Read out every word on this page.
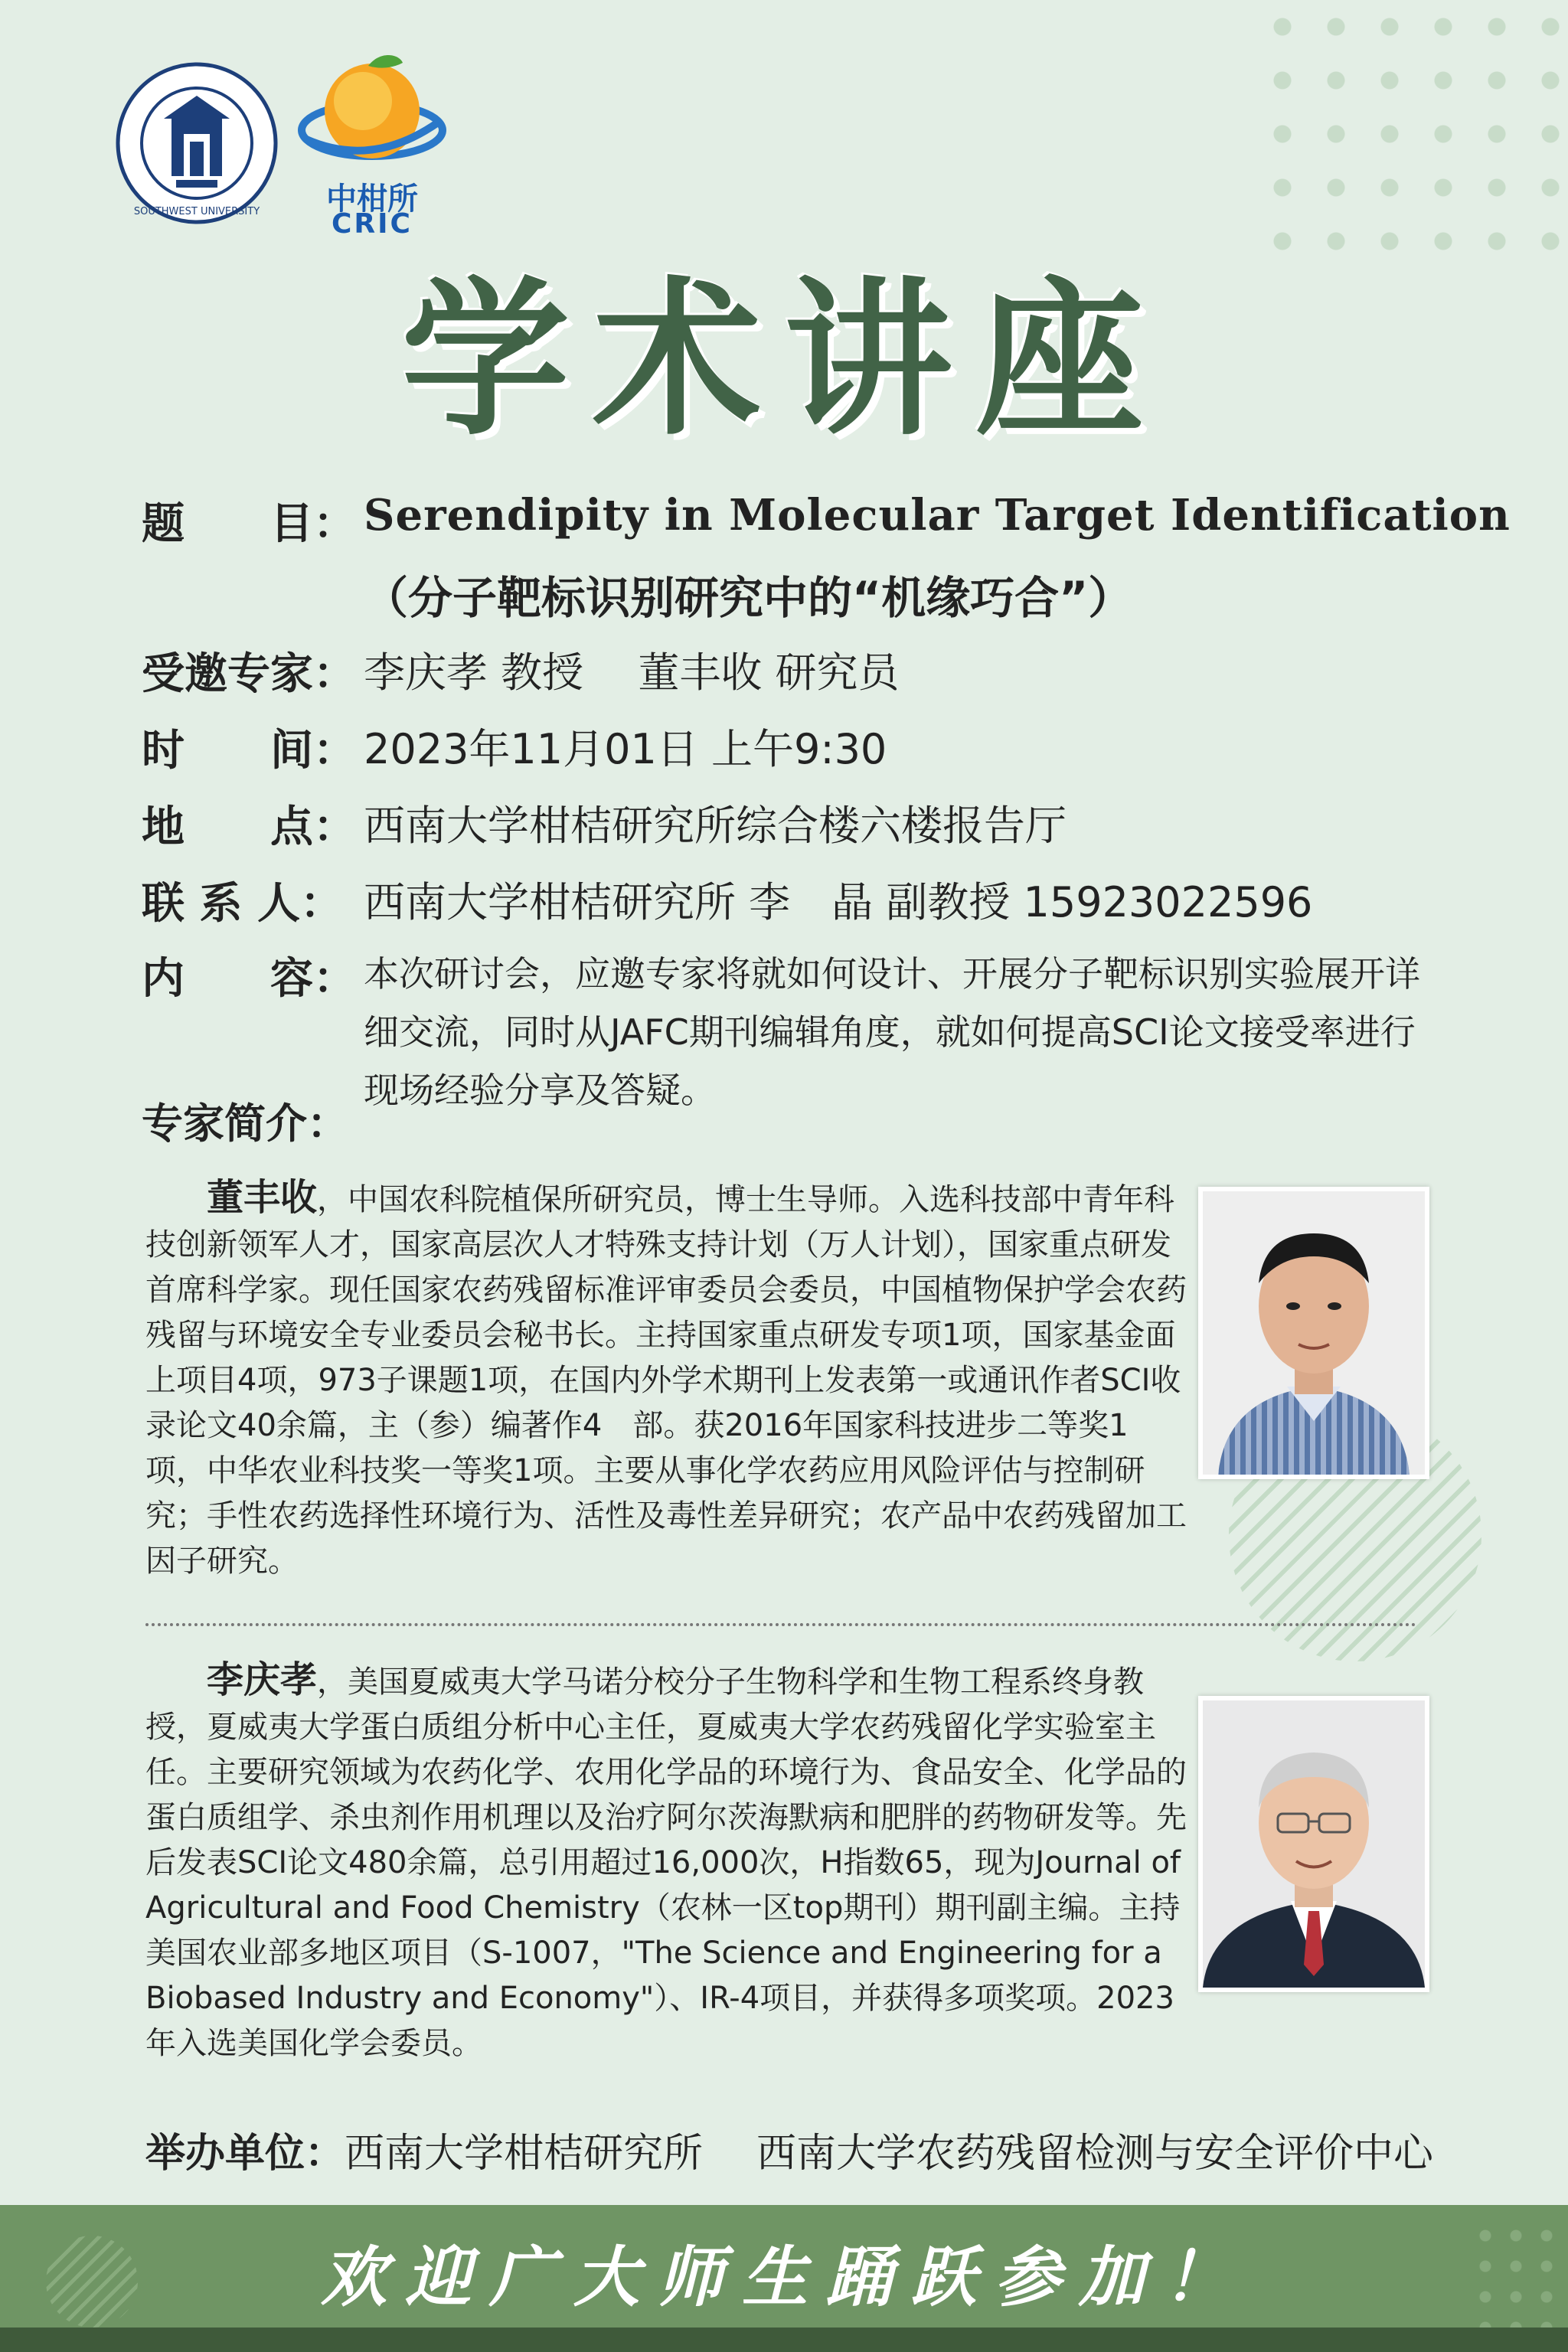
SOUTHWEST UNIVERSITY	中柑所
CRIC
学术讲座
题　　目： Serendipity in Molecular Target Identification
（分子靶标识别研究中的“机缘巧合”）
受邀专家： 李庆孝 教授　 董丰收 研究员
时　　间： 2023年11月01日 上午9:30
地　　点： 西南大学柑桔研究所综合楼六楼报告厅
联 系 人： 西南大学柑桔研究所 李　晶 副教授 15923022596
内　　容： 本次研讨会，应邀专家将就如何设计、开展分子靶标识别实验展开详细交流，同时从JAFC期刊编辑角度，就如何提高SCI论文接受率进行现场经验分享及答疑。
专家简介：
董丰收，中国农科院植保所研究员，博士生导师。入选科技部中青年科技创新领军人才，国家高层次人才特殊支持计划（万人计划），国家重点研发首席科学家。现任国家农药残留标准评审委员会委员，中国植物保护学会农药残留与环境安全专业委员会秘书长。主持国家重点研发专项1项，国家基金面上项目4项，973子课题1项，在国内外学术期刊上发表第一或通讯作者SCI收录论文40余篇，主（参）编著作4　部。获2016年国家科技进步二等奖1项，中华农业科技奖一等奖1项。主要从事化学农药应用风险评估与控制研究；手性农药选择性环境行为、活性及毒性差异研究；农产品中农药残留加工因子研究。
李庆孝，美国夏威夷大学马诺分校分子生物科学和生物工程系终身教授，夏威夷大学蛋白质组分析中心主任，夏威夷大学农药残留化学实验室主任。主要研究领域为农药化学、农用化学品的环境行为、食品安全、化学品的蛋白质组学、杀虫剂作用机理以及治疗阿尔茨海默病和肥胖的药物研发等。先后发表SCI论文480余篇，总引用超过16,000次，H指数65，现为Journal of Agricultural and Food Chemistry（农林一区top期刊）期刊副主编。主持美国农业部多地区项目（S-1007，"The Science and Engineering for a Biobased Industry and Economy"）、IR-4项目，并获得多项奖项。2023年入选美国化学会委员。
举办单位：西南大学柑桔研究所 西南大学农药残留检测与安全评价中心
欢迎广大师生踊跃参加！
